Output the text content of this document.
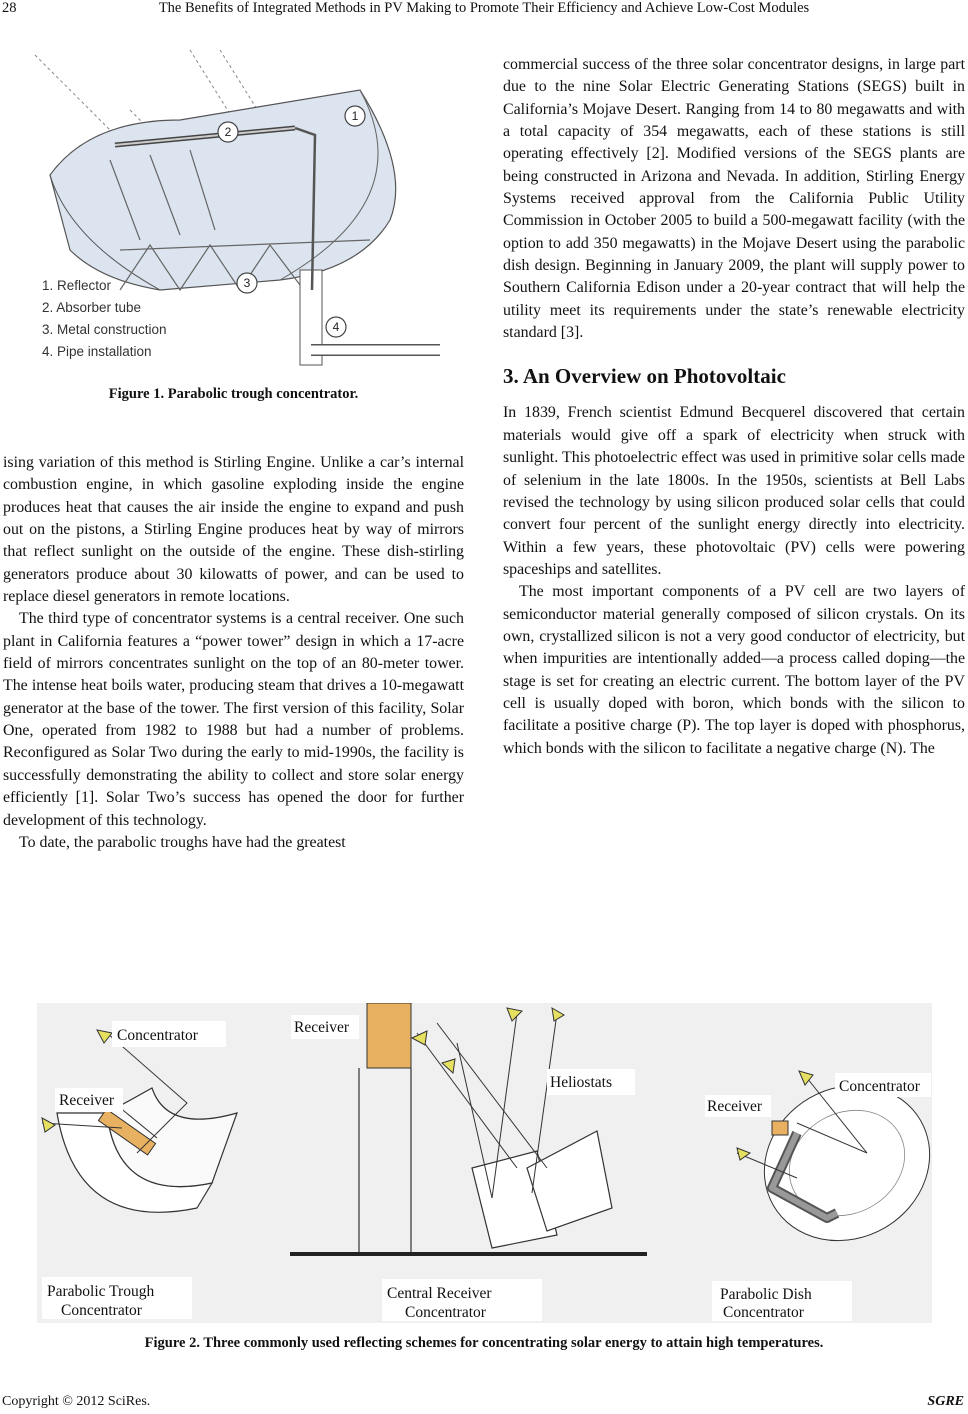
28	The Benefits of Integrated Methods in PV Making to Promote Their Efficiency and Achieve Low-Cost Modules
1
2
3
4
1. Reflector
2. Absorber tube
3. Metal construction
4. Pipe installation
Figure 1. Parabolic trough concentrator.

ising variation of this method is Stirling Engine. Unlike a car’s internal combustion engine, in which gasoline exploding inside the engine produces heat that causes the air inside the engine to expand and push out on the pistons, a Stirling Engine produces heat by way of mirrors that reflect sunlight on the outside of the engine. These dish-stirling generators produce about 30 kilowatts of power, and can be used to replace diesel generators in remote locations.

The third type of concentrator systems is a central receiver. One such plant in California features a “power tower” design in which a 17-acre field of mirrors concentrates sunlight on the top of an 80-meter tower. The intense heat boils water, producing steam that drives a 10-megawatt generator at the base of the tower. The first version of this facility, Solar One, operated from 1982 to 1988 but had a number of problems. Reconfigured as Solar Two during the early to mid-1990s, the facility is successfully demonstrating the ability to collect and store solar energy efficiently [1]. Solar Two’s success has opened the door for further development of this technology.

To date, the parabolic troughs have had the greatest

commercial success of the three solar concentrator designs, in large part due to the nine Solar Electric Generating Stations (SEGS) built in California’s Mojave Desert. Ranging from 14 to 80 megawatts and with a total capacity of 354 megawatts, each of these stations is still operating effectively [2]. Modified versions of the SEGS plants are being constructed in Arizona and Nevada. In addition, Stirling Energy Systems received approval from the California Public Utility Commission in October 2005 to build a 500-megawatt facility (with the option to add 350 megawatts) in the Mojave Desert using the parabolic dish design. Beginning in January 2009, the plant will supply power to Southern California Edison under a 20-year contract that will help the utility meet its requirements under the state’s renewable electricity standard [3].

3. An Overview on Photovoltaic

In 1839, French scientist Edmund Becquerel discovered that certain materials would give off a spark of electricity when struck with sunlight. This photoelectric effect was used in primitive solar cells made of selenium in the late 1800s. In the 1950s, scientists at Bell Labs revised the technology by using silicon produced solar cells that could convert four percent of the sunlight energy directly into electricity. Within a few years, these photovoltaic (PV) cells were powering spaceships and satellites.

The most important components of a PV cell are two layers of semiconductor material generally composed of silicon crystals. On its own, crystallized silicon is not a very good conductor of electricity, but when impurities are intentionally added—a process called doping—the stage is set for creating an electric current. The bottom layer of the PV cell is usually doped with boron, which bonds with the silicon to facilitate a positive charge (P). The top layer is doped with phosphorus, which bonds with the silicon to facilitate a negative charge (N). The

Concentrator
Receiver
Receiver
Heliostats
Receiver
Concentrator
Parabolic Trough
Concentrator
Central Receiver
Concentrator
Parabolic Dish
Concentrator
Figure 2. Three commonly used reflecting schemes for concentrating solar energy to attain high temperatures.
Copyright © 2012 SciRes.	SGRE
